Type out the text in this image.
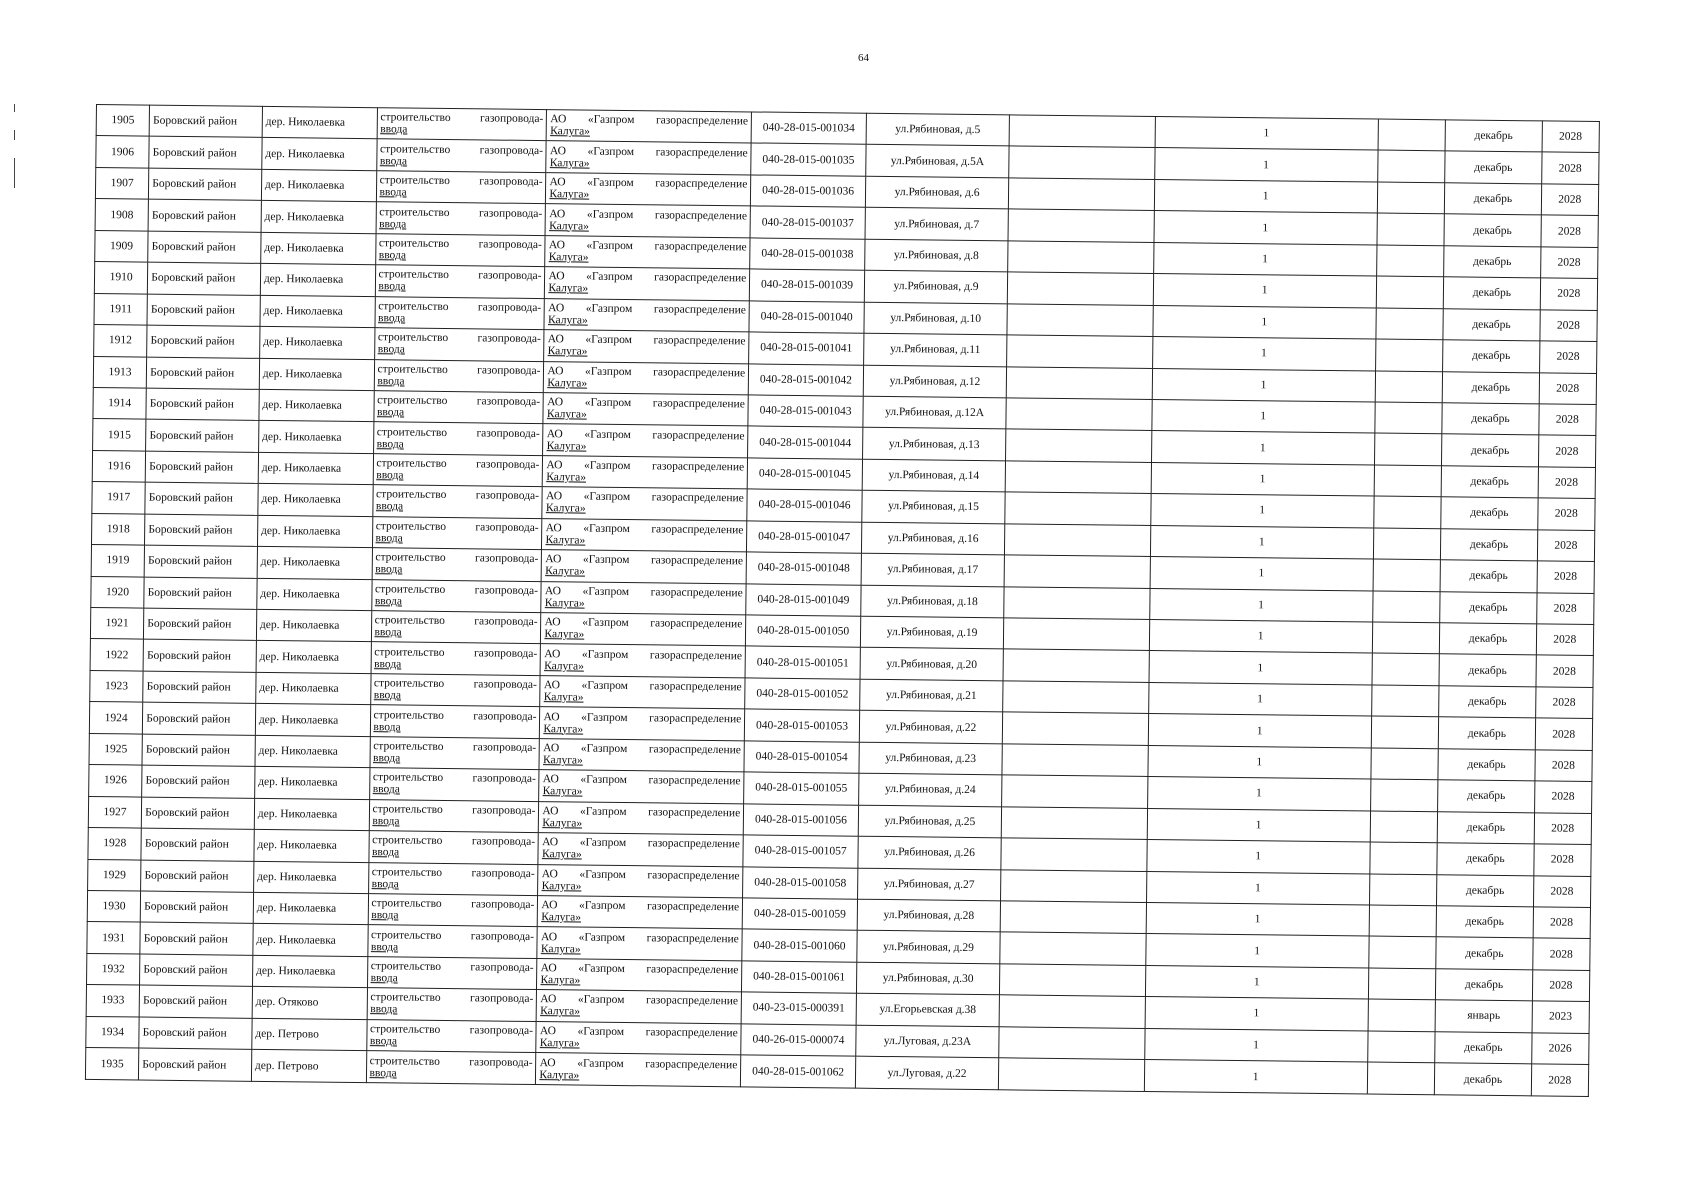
64
1905	Боровский район	дер. Николаевка	строительство газопровода-
ввода	АО «Газпром газораспределение
Калуга»	040-28-015-001034	ул.Рябиновая, д.5		1		декабрь	2028
1906	Боровский район	дер. Николаевка	строительство газопровода-
ввода	АО «Газпром газораспределение
Калуга»	040-28-015-001035	ул.Рябиновая, д.5А		1		декабрь	2028
1907	Боровский район	дер. Николаевка	строительство газопровода-
ввода	АО «Газпром газораспределение
Калуга»	040-28-015-001036	ул.Рябиновая, д.6		1		декабрь	2028
1908	Боровский район	дер. Николаевка	строительство газопровода-
ввода	АО «Газпром газораспределение
Калуга»	040-28-015-001037	ул.Рябиновая, д.7		1		декабрь	2028
1909	Боровский район	дер. Николаевка	строительство газопровода-
ввода	АО «Газпром газораспределение
Калуга»	040-28-015-001038	ул.Рябиновая, д.8		1		декабрь	2028
1910	Боровский район	дер. Николаевка	строительство газопровода-
ввода	АО «Газпром газораспределение
Калуга»	040-28-015-001039	ул.Рябиновая, д.9		1		декабрь	2028
1911	Боровский район	дер. Николаевка	строительство газопровода-
ввода	АО «Газпром газораспределение
Калуга»	040-28-015-001040	ул.Рябиновая, д.10		1		декабрь	2028
1912	Боровский район	дер. Николаевка	строительство газопровода-
ввода	АО «Газпром газораспределение
Калуга»	040-28-015-001041	ул.Рябиновая, д.11		1		декабрь	2028
1913	Боровский район	дер. Николаевка	строительство газопровода-
ввода	АО «Газпром газораспределение
Калуга»	040-28-015-001042	ул.Рябиновая, д.12		1		декабрь	2028
1914	Боровский район	дер. Николаевка	строительство газопровода-
ввода	АО «Газпром газораспределение
Калуга»	040-28-015-001043	ул.Рябиновая, д.12А		1		декабрь	2028
1915	Боровский район	дер. Николаевка	строительство газопровода-
ввода	АО «Газпром газораспределение
Калуга»	040-28-015-001044	ул.Рябиновая, д.13		1		декабрь	2028
1916	Боровский район	дер. Николаевка	строительство газопровода-
ввода	АО «Газпром газораспределение
Калуга»	040-28-015-001045	ул.Рябиновая, д.14		1		декабрь	2028
1917	Боровский район	дер. Николаевка	строительство газопровода-
ввода	АО «Газпром газораспределение
Калуга»	040-28-015-001046	ул.Рябиновая, д.15		1		декабрь	2028
1918	Боровский район	дер. Николаевка	строительство газопровода-
ввода	АО «Газпром газораспределение
Калуга»	040-28-015-001047	ул.Рябиновая, д.16		1		декабрь	2028
1919	Боровский район	дер. Николаевка	строительство газопровода-
ввода	АО «Газпром газораспределение
Калуга»	040-28-015-001048	ул.Рябиновая, д.17		1		декабрь	2028
1920	Боровский район	дер. Николаевка	строительство газопровода-
ввода	АО «Газпром газораспределение
Калуга»	040-28-015-001049	ул.Рябиновая, д.18		1		декабрь	2028
1921	Боровский район	дер. Николаевка	строительство газопровода-
ввода	АО «Газпром газораспределение
Калуга»	040-28-015-001050	ул.Рябиновая, д.19		1		декабрь	2028
1922	Боровский район	дер. Николаевка	строительство газопровода-
ввода	АО «Газпром газораспределение
Калуга»	040-28-015-001051	ул.Рябиновая, д.20		1		декабрь	2028
1923	Боровский район	дер. Николаевка	строительство газопровода-
ввода	АО «Газпром газораспределение
Калуга»	040-28-015-001052	ул.Рябиновая, д.21		1		декабрь	2028
1924	Боровский район	дер. Николаевка	строительство газопровода-
ввода	АО «Газпром газораспределение
Калуга»	040-28-015-001053	ул.Рябиновая, д.22		1		декабрь	2028
1925	Боровский район	дер. Николаевка	строительство газопровода-
ввода	АО «Газпром газораспределение
Калуга»	040-28-015-001054	ул.Рябиновая, д.23		1		декабрь	2028
1926	Боровский район	дер. Николаевка	строительство газопровода-
ввода	АО «Газпром газораспределение
Калуга»	040-28-015-001055	ул.Рябиновая, д.24		1		декабрь	2028
1927	Боровский район	дер. Николаевка	строительство газопровода-
ввода	АО «Газпром газораспределение
Калуга»	040-28-015-001056	ул.Рябиновая, д.25		1		декабрь	2028
1928	Боровский район	дер. Николаевка	строительство газопровода-
ввода	АО «Газпром газораспределение
Калуга»	040-28-015-001057	ул.Рябиновая, д.26		1		декабрь	2028
1929	Боровский район	дер. Николаевка	строительство газопровода-
ввода	АО «Газпром газораспределение
Калуга»	040-28-015-001058	ул.Рябиновая, д.27		1		декабрь	2028
1930	Боровский район	дер. Николаевка	строительство газопровода-
ввода	АО «Газпром газораспределение
Калуга»	040-28-015-001059	ул.Рябиновая, д.28		1		декабрь	2028
1931	Боровский район	дер. Николаевка	строительство газопровода-
ввода	АО «Газпром газораспределение
Калуга»	040-28-015-001060	ул.Рябиновая, д.29		1		декабрь	2028
1932	Боровский район	дер. Николаевка	строительство газопровода-
ввода	АО «Газпром газораспределение
Калуга»	040-28-015-001061	ул.Рябиновая, д.30		1		декабрь	2028
1933	Боровский район	дер. Отяково	строительство газопровода-
ввода	АО «Газпром газораспределение
Калуга»	040-23-015-000391	ул.Егорьевская д.38		1		январь	2023
1934	Боровский район	дер. Петрово	строительство газопровода-
ввода	АО «Газпром газораспределение
Калуга»	040-26-015-000074	ул.Луговая, д.23А		1		декабрь	2026
1935	Боровский район	дер. Петрово	строительство газопровода-
ввода	АО «Газпром газораспределение
Калуга»	040-28-015-001062	ул.Луговая, д.22		1		декабрь	2028
